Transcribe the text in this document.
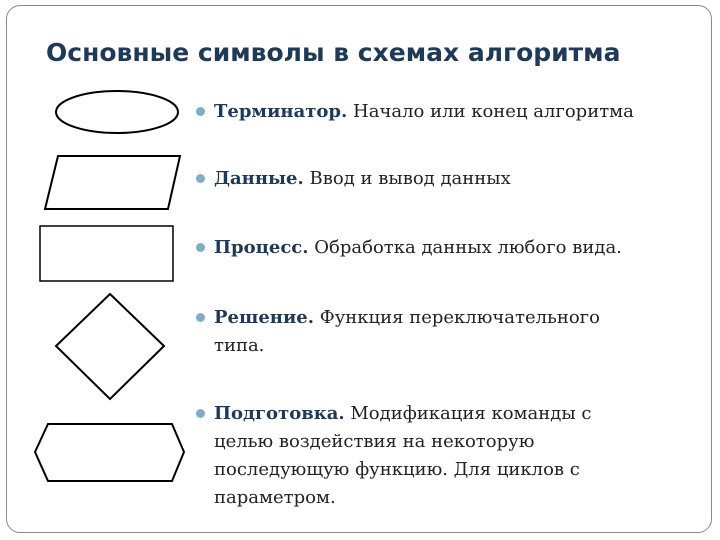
Основные символы в схемах алгоритма
Терминатор. Начало или конец алгоритма
Данные. Ввод и вывод данных
Процесс. Обработка данных любого вида.
Решение. Функция переключательного типа.
Подготовка. Модификация команды с целью воздействия на некоторую последующую функцию. Для циклов с параметром.
